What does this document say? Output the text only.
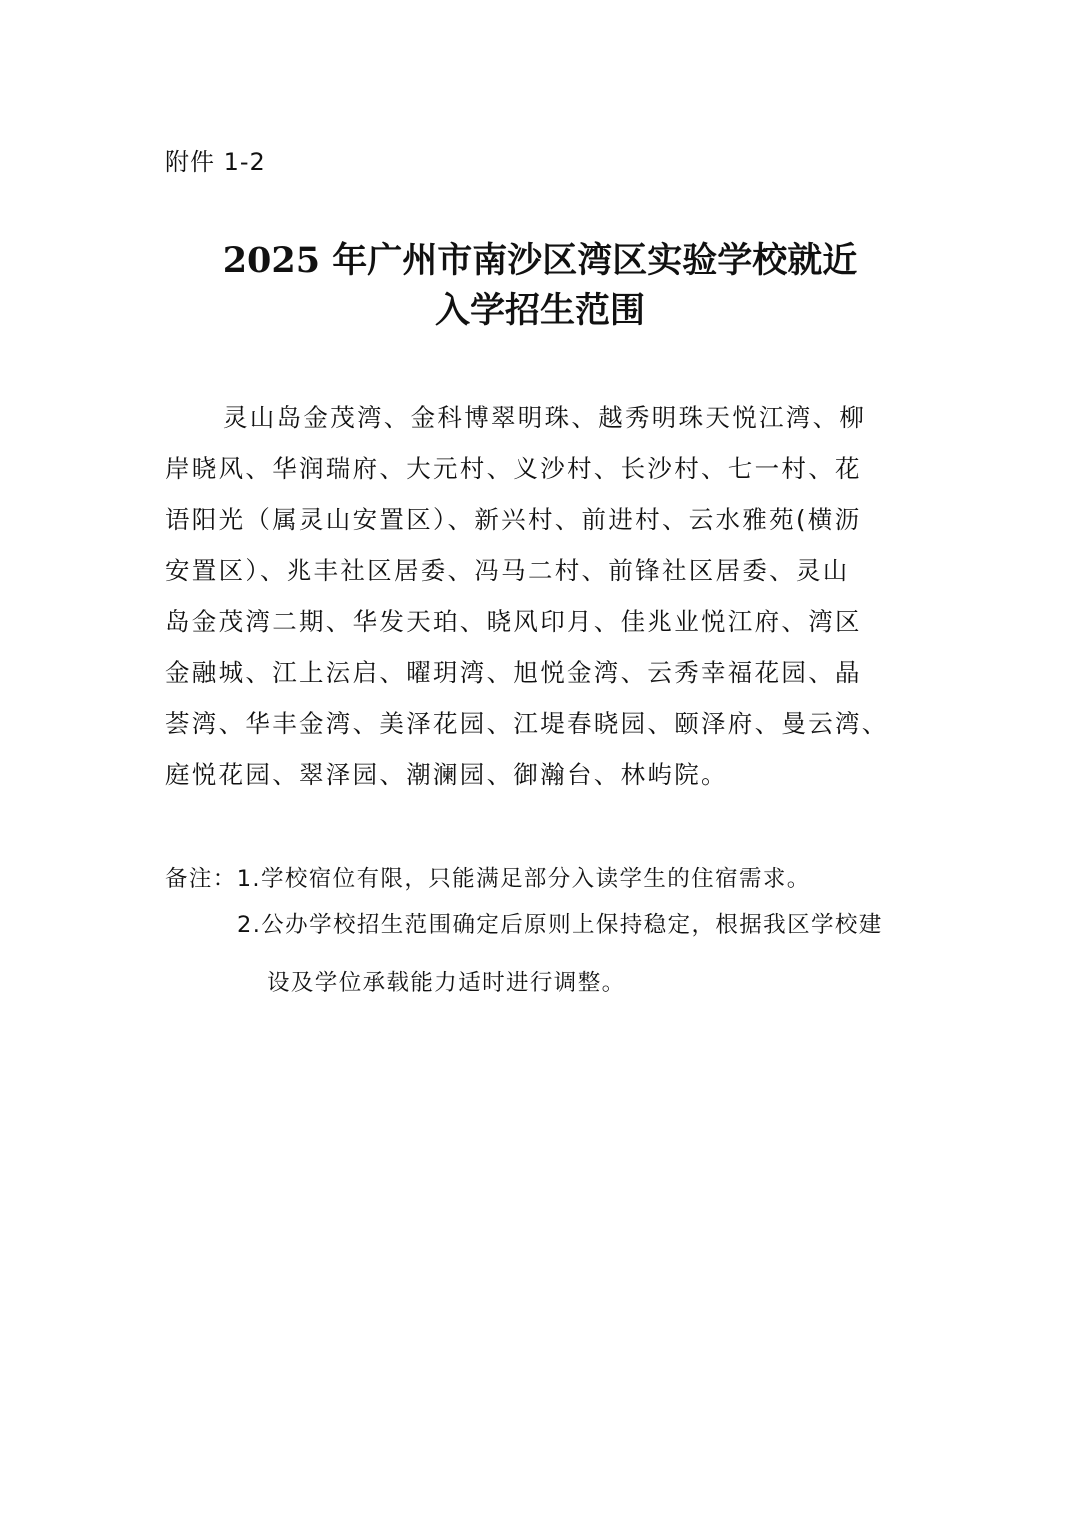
附件 1-2
2025 年广州市南沙区湾区实验学校就近
入学招生范围
灵山岛金茂湾、金科博翠明珠、越秀明珠天悦江湾、柳
岸晓风、华润瑞府、大元村、义沙村、长沙村、七一村、花
语阳光（属灵山安置区）、新兴村、前进村、云水雅苑(横沥
安置区）、兆丰社区居委、冯马二村、前锋社区居委、灵山
岛金茂湾二期、华发天珀、晓风印月、佳兆业悦江府、湾区
金融城、江上沄启、曜玥湾、旭悦金湾、云秀幸福花园、晶
荟湾、华丰金湾、美泽花园、江堤春晓园、颐泽府、曼云湾、
庭悦花园、翠泽园、潮澜园、御瀚台、林屿院。
备注：1.学校宿位有限，只能满足部分入读学生的住宿需求。
2.公办学校招生范围确定后原则上保持稳定，根据我区学校建
设及学位承载能力适时进行调整。
